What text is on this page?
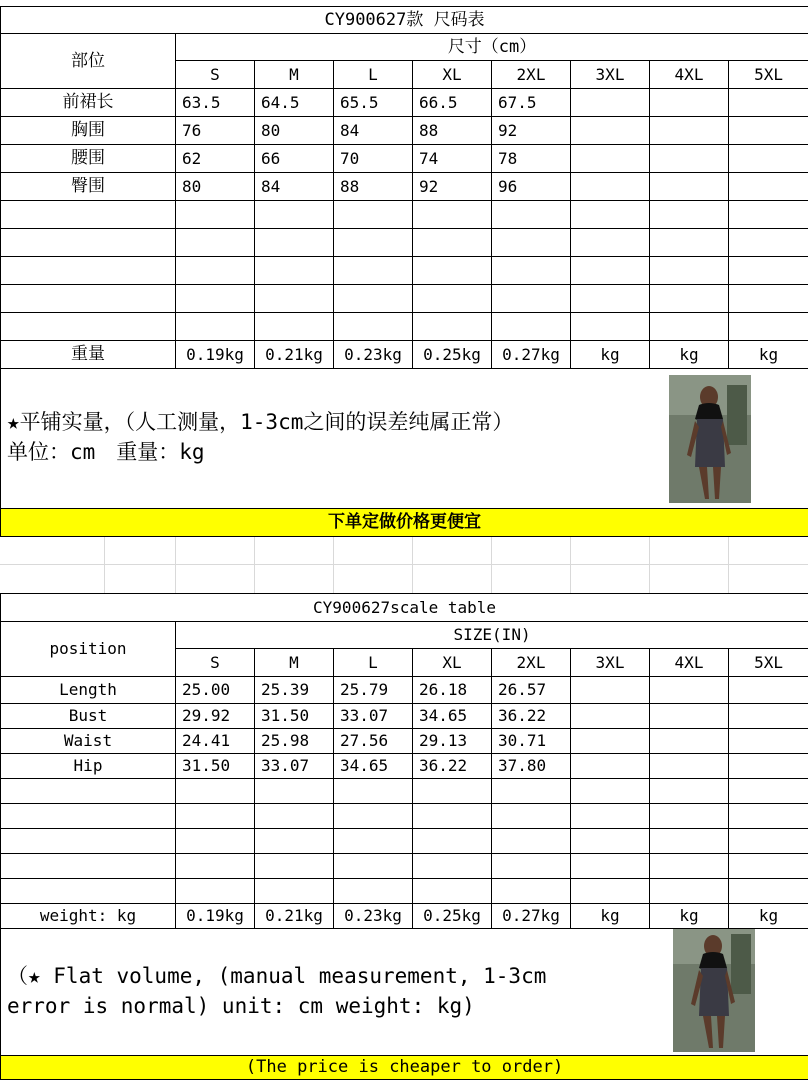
CY900627款 尺码表								
部位	尺寸（cm）							
	S	M	L	XL	2XL	3XL	4XL	5XL
前裙长	63.5	64.5	65.5	66.5	67.5			
胸围	76	80	84	88	92			
腰围	62	66	70	74	78			
臀围	80	84	88	92	96			

重量	0.19kg	0.21kg	0.23kg	0.25kg	0.27kg	kg	kg	kg

★平铺实量，（人工测量，1-3cm之间的误差纯属正常）
单位：cm　重量：kg								

下单定做价格更便宜								
CY900627scale table								
position	SIZE(IN)							
	S	M	L	XL	2XL	3XL	4XL	5XL
Length	25.00	25.39	25.79	26.18	26.57			
Bust	29.92	31.50	33.07	34.65	36.22			
Waist	24.41	25.98	27.56	29.13	30.71			
Hip	31.50	33.07	34.65	36.22	37.80			

weight: kg	0.19kg	0.21kg	0.23kg	0.25kg	0.27kg	kg	kg	kg

（★ Flat volume, (manual measurement, 1-3cm error is normal) unit: cm weight: kg)								

(The price is cheaper to order)								
